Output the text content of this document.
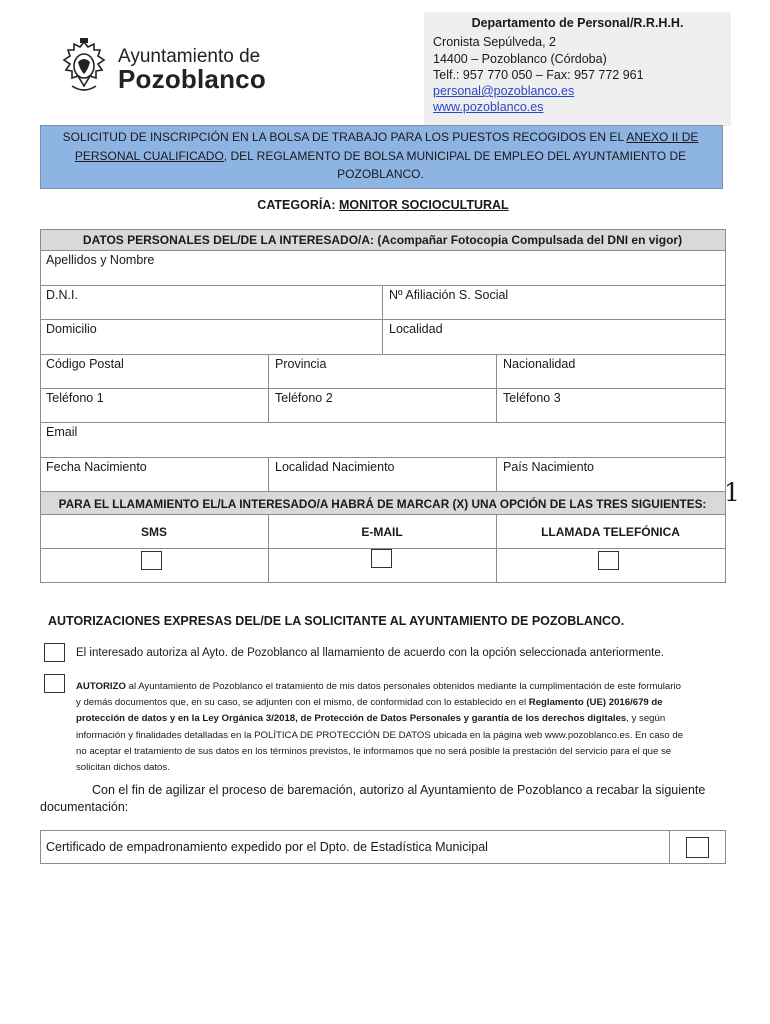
Ayuntamiento de
Pozoblanco
Departamento de Personal/R.R.H.H.
Cronista Sepúlveda, 2
14400 – Pozoblanco (Córdoba)
Telf.: 957 770 050 – Fax: 957 772 961
personal@pozoblanco.es
www.pozoblanco.es
SOLICITUD DE INSCRIPCIÓN EN LA BOLSA DE TRABAJO PARA LOS PUESTOS RECOGIDOS EN EL ANEXO II DE PERSONAL CUALIFICADO, DEL REGLAMENTO DE BOLSA MUNICIPAL DE EMPLEO DEL AYUNTAMIENTO DE POZOBLANCO.
CATEGORÍA: MONITOR SOCIOCULTURAL
DATOS PERSONALES DEL/DE LA INTERESADO/A: (Acompañar Fotocopia Compulsada del DNI en vigor)
Apellidos y Nombre
D.N.I.	Nº Afiliación S. Social
Domicilio	Localidad
Código Postal	Provincia	Nacionalidad
Teléfono 1	Teléfono 2	Teléfono 3
Email
Fecha Nacimiento	Localidad Nacimiento	País Nacimiento
PARA EL LLAMAMIENTO EL/LA INTERESADO/A HABRÁ DE MARCAR (X) UNA OPCIÓN DE LAS TRES SIGUIENTES:
SMS	E-MAIL	LLAMADA TELEFÓNICA
1
AUTORIZACIONES EXPRESAS DEL/DE LA SOLICITANTE AL AYUNTAMIENTO DE POZOBLANCO.
El interesado autoriza al Ayto. de Pozoblanco al llamamiento de acuerdo con la opción seleccionada anteriormente.
AUTORIZO al Ayuntamiento de Pozoblanco el tratamiento de mis datos personales obtenidos mediante la cumplimentación de este formulario y demás documentos que, en su caso, se adjunten con el mismo, de conformidad con lo establecido en el Reglamento (UE) 2016/679 de protección de datos y en la Ley Orgánica 3/2018, de Protección de Datos Personales y garantía de los derechos digitales, y según información y finalidades detalladas en la POLÍTICA DE PROTECCIÓN DE DATOS ubicada en la página web www.pozoblanco.es. En caso de no aceptar el tratamiento de sus datos en los términos previstos, le informamos que no será posible la prestación del servicio para el que se solicitan dichos datos.
Con el fin de agilizar el proceso de baremación, autorizo al Ayuntamiento de Pozoblanco a recabar la siguiente documentación:
Certificado de empadronamiento expedido por el Dpto. de Estadística Municipal
